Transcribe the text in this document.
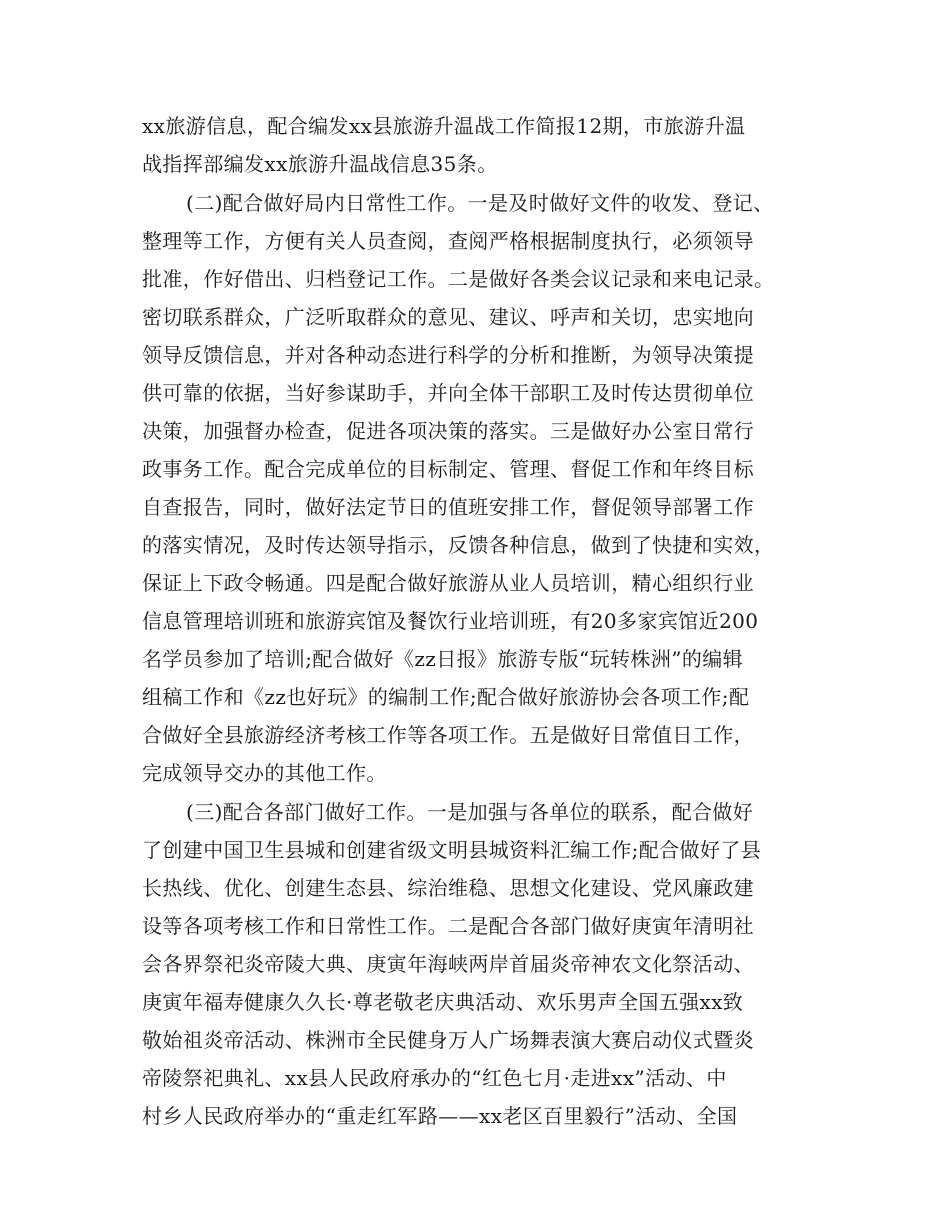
xx旅游信息，配合编发xx县旅游升温战工作简报12期，市旅游升温
战指挥部编发xx旅游升温战信息35条。
(二)配合做好局内日常性工作。一是及时做好文件的收发、登记、
整理等工作，方便有关人员查阅，查阅严格根据制度执行，必须领导
批准，作好借出、归档登记工作。二是做好各类会议记录和来电记录。
密切联系群众，广泛听取群众的意见、建议、呼声和关切，忠实地向
领导反馈信息，并对各种动态进行科学的分析和推断，为领导决策提
供可靠的依据，当好参谋助手，并向全体干部职工及时传达贯彻单位
决策，加强督办检查，促进各项决策的落实。三是做好办公室日常行
政事务工作。配合完成单位的目标制定、管理、督促工作和年终目标
自查报告，同时，做好法定节日的值班安排工作，督促领导部署工作
的落实情况，及时传达领导指示，反馈各种信息，做到了快捷和实效，
保证上下政令畅通。四是配合做好旅游从业人员培训，精心组织行业
信息管理培训班和旅游宾馆及餐饮行业培训班，有20多家宾馆近200
名学员参加了培训;配合做好《zz日报》旅游专版“玩转株洲”的编辑
组稿工作和《zz也好玩》的编制工作;配合做好旅游协会各项工作;配
合做好全县旅游经济考核工作等各项工作。五是做好日常值日工作，
完成领导交办的其他工作。
(三)配合各部门做好工作。一是加强与各单位的联系，配合做好
了创建中国卫生县城和创建省级文明县城资料汇编工作;配合做好了县
长热线、优化、创建生态县、综治维稳、思想文化建设、党风廉政建
设等各项考核工作和日常性工作。二是配合各部门做好庚寅年清明社
会各界祭祀炎帝陵大典、庚寅年海峡两岸首届炎帝神农文化祭活动、
庚寅年福寿健康久久长·尊老敬老庆典活动、欢乐男声全国五强xx致
敬始祖炎帝活动、株洲市全民健身万人广场舞表演大赛启动仪式暨炎
帝陵祭祀典礼、xx县人民政府承办的“红色七月·走进xx”活动、中
村乡人民政府举办的“重走红军路——xx老区百里毅行”活动、全国
